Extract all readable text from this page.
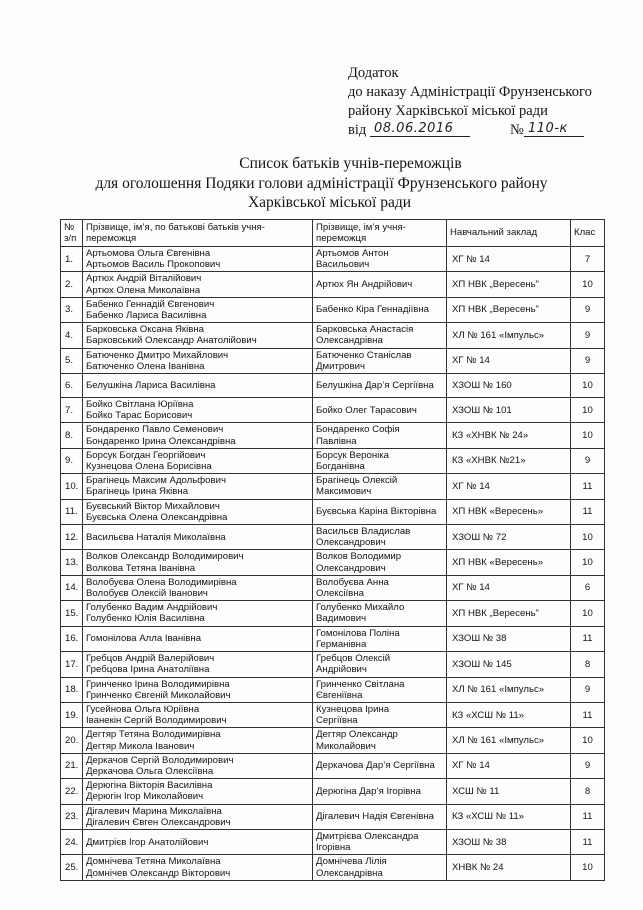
Додаток
до наказу Адміністрації Фрунзенського
району Харківської міської ради
від 08.06.2016	№ 110-к
Список батьків учнів-переможців
для оголошення Подяки голови адміністрації Фрунзенського району
Харківської міської ради
№ з/п	Прізвище, ім’я, по батькові батьків учня-переможця	Прізвище, ім’я учня-переможця	Навчальний заклад	Клас

1.	Артьомова Ольга Євгенівна
Артьомов Василь Прокопович	Артьомов Антон
Васильович	ХГ № 14	7

2.	Артюх Андрій Віталійович
Артюх Олена Миколаївна	Артюх Ян Андрійович	ХП НВК „Вересень”	10

3.	Бабенко Геннадій Євгенович
Бабенко Лариса Василівна	Бабенко Кіра Геннадіївна	ХП НВК „Вересень”	9

4.	Барковська Оксана Яківна
Барковський Олександр Анатолійович	Барковська Анастасія
Олександрівна	ХЛ № 161 «Імпульс»	9

5.	Батюченко Дмитро Михайлович
Батюченко Олена Іванівна	Батюченко Станіслав
Дмитрович	ХГ № 14	9

6.	Белушкіна Лариса Василівна	Белушкіна Дар’я Сергіївна	ХЗОШ № 160	10

7.	Бойко Світлана Юріївна
Бойко Тарас Борисович	Бойко Олег Тарасович	ХЗОШ № 101	10

8.	Бондаренко Павло Семенович
Бондаренко Ірина Олександрівна	Бондаренко Софія
Павлівна	КЗ «ХНВК № 24»	10

9.	Борсук Богдан Георгійович
Кузнецова Олена Борисівна	Борсук Вероніка
Богданівна	КЗ «ХНВК №21»	9

10.	Брагінець Максим Адольфович
Брагінець Ірина Яківна	Брагінець Олексій
Максимович	ХГ № 14	11

11.	Буєвський Віктор Михайлович
Буєвська Олена Олександрівна	Буєвська Каріна Вікторівна	ХП НВК «Вересень»	11

12.	Васильєва Наталія Миколаївна	Васильєв Владислав
Олександрович	ХЗОШ № 72	10

13.	Волков Олександр Володимирович
Волкова Тетяна Іванівна	Волков Володимир
Олександрович	ХП НВК «Вересень»	10

14.	Волобуєва Олена Володимирівна
Волобуєв Олексій Іванович	Волобуєва Анна
Олексіївна	ХГ № 14	6

15.	Голубенко Вадим Андрійович
Голубенко Юлія Василівна	Голубенко Михайло
Вадимович	ХП НВК „Вересень”	10

16.	Гомонілова Алла Іванівна	Гомонілова Поліна
Германівна	ХЗОШ № 38	11

17.	Гребцов Андрій Валерійович
Гребцова Ірина Анатоліївна	Гребцов Олексій
Андрійович	ХЗОШ № 145	8

18.	Гринченко Ірина Володимирівна
Гринченко Євгеній Миколайович	Гринченко Світлана
Євгеніївна	ХЛ № 161 «Імпульс»	9

19.	Гусейнова Ольга Юріївна
Іванекін Сергій Володимирович	Кузнецова Ірина
Сергіївна	КЗ «ХСШ № 11»	11

20.	Дегтяр Тетяна Володимирівна
Дегтяр Микола Іванович	Дегтяр Олександр
Миколайович	ХЛ № 161 «Імпульс»	10

21.	Деркачов Сергій Володимирович
Деркачова Ольга Олексіївна	Деркачова Дар’я Сергіївна	ХГ № 14	9

22.	Дерюгіна Вікторія Василівна
Дерюгін Ігор Миколайович	Дерюгіна Дар’я Ігорівна	ХСШ № 11	8

23.	Дігалевич Марина Миколаївна
Дігалевич Євген Олександрович	Дігалевич Надія Євгенівна	КЗ «ХСШ № 11»	11

24.	Дмитрієв Ігор Анатолійович	Дмитрієва Олександра
Ігорівна	ХЗОШ № 38	11

25.	Домнічева Тетяна Миколаївна
Домнічев Олександр Вікторович	Домнічева Лілія
Олександрівна	ХНВК № 24	10
